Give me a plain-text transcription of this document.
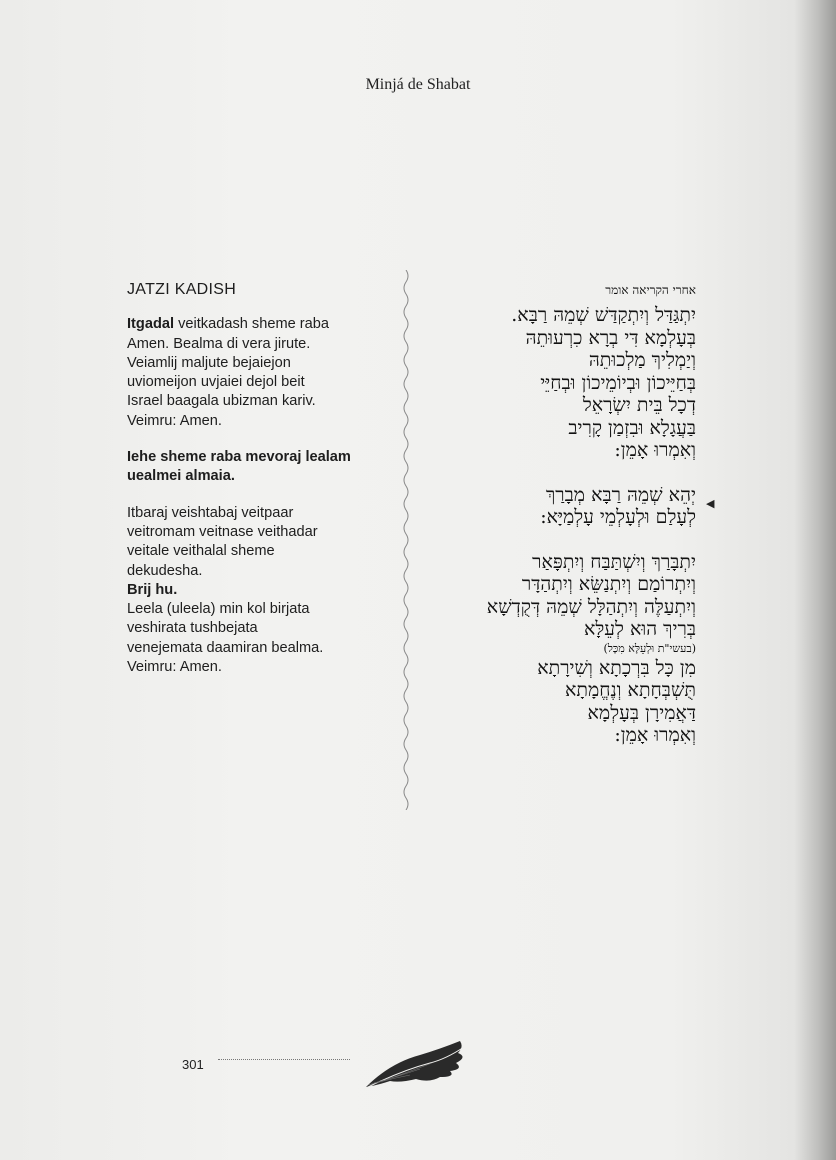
Minjá de Shabat
JATZI KADISH

Itgadal veitkadash sheme raba

Amen. Bealma di vera jirute.

Veiamlij maljute bejaiejon

uviomeijon uvjaiei dejol beit

Israel baagala ubizman kariv.

Veimru: Amen.

Iehe sheme raba mevoraj lealam

uealmei almaia.

Itbaraj veishtabaj veitpaar

veitromam veitnase veithadar

veitale veithalal sheme

dekudesha.

Brij hu.

Leela (uleela) min kol birjata

veshirata tushbejata

venejemata daamiran bealma.

Veimru: Amen.

אחרי הקריאה אומר

יִתְגַּדַּל וְיִתְקַדַּשׁ שְׁמֵהּ רַבָּא.

בְּעָלְמָא דִּי בְרָא כִרְעוּתֵהּ

וְיַמְלִיךְ מַלְכוּתֵהּ

בְּחַיֵּיכוֹן וּבְיוֹמֵיכוֹן וּבְחַיֵּי

דְכָל בֵּית יִשְׂרָאֵל

בַּעֲגָלָא וּבִזְמַן קָרִיב

וְאִמְרוּ אָמֵן:

יְהֵא שְׁמֵהּ רַבָּא מְבָרַךְ

לְעָלַם וּלְעָלְמֵי עָלְמַיָּא:

יִתְבָּרַךְ וְיִשְׁתַּבַּח וְיִתְפָּאַר

וְיִתְרוֹמַם וְיִתְנַשֵּׂא וְיִתְהַדָּר

וְיִתְעַלֶּה וְיִתְהַלָּל שְׁמֵהּ דְּקֻדְשָׁא

בְּרִיךְ הוּא לְעֵלָּא

(בעשי"ת וּלְעֵלָּא מִכָּל)

מִן כָּל בִּרְכָתָא וְשִׁירָתָא

תֻּשְׁבְּחָתָא וְנֶחֱמָתָא

דַּאֲמִירָן בְּעָלְמָא

וְאִמְרוּ אָמֵן:

◀
301
